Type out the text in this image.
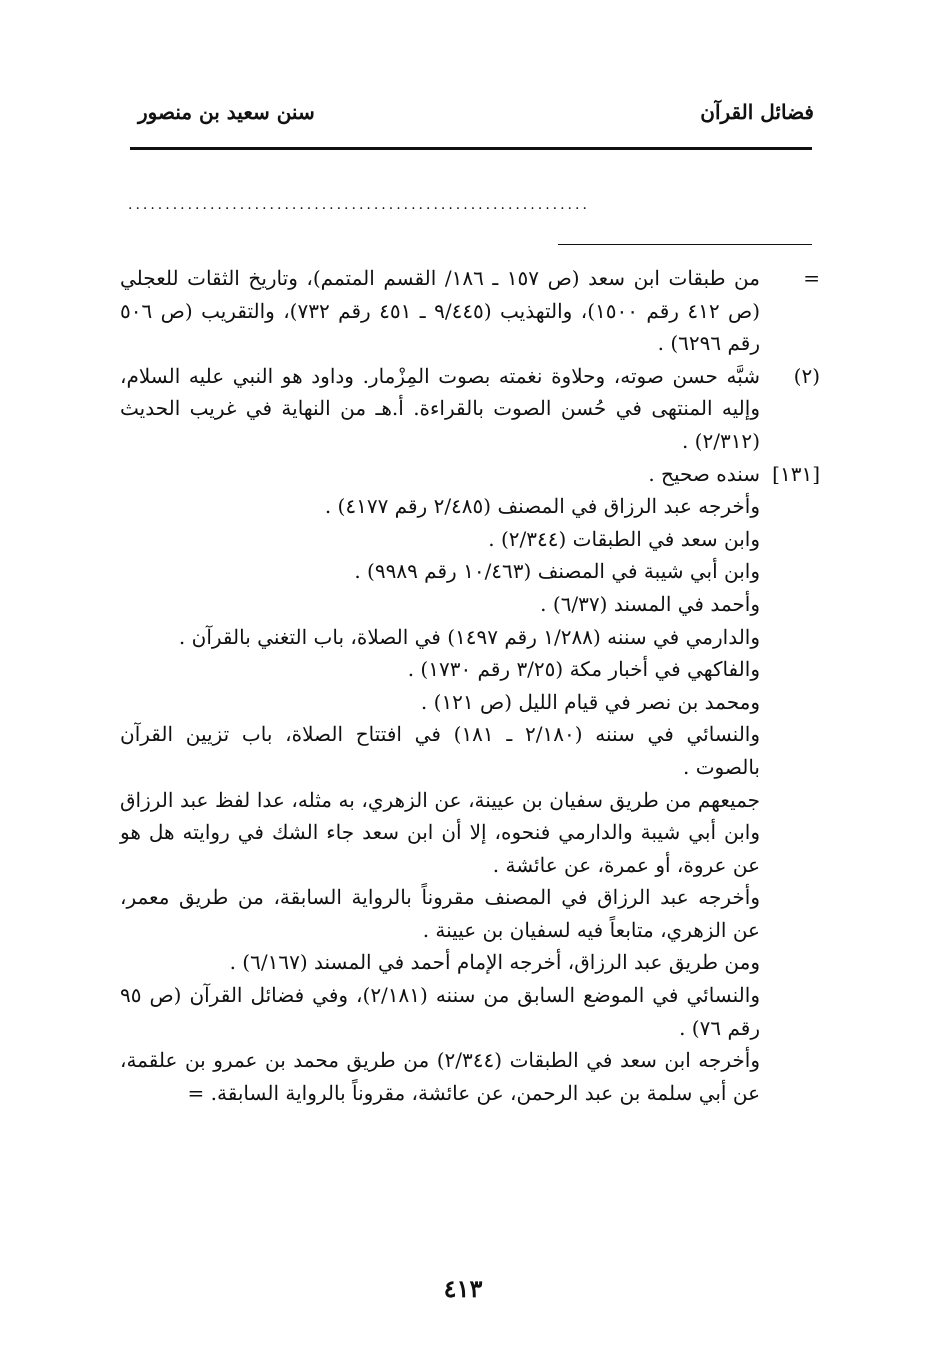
فضائل القرآن
سنن سعيد بن منصور
..............................................................
=
من طبقات ابن سعد (ص ١٥٧ ـ ١٨٦/ القسم المتمم)، وتاريخ الثقات للعجلي (ص ٤١٢ رقم ١٥٠٠)، والتهذيب (٩/٤٤٥ ـ ٤٥١ رقم ٧٣٢)، والتقريب (ص ٥٠٦ رقم ٦٢٩٦) .
(٢)
شبَّه حسن صوته، وحلاوة نغمته بصوت المِزْمار. وداود هو النبي عليه السلام، وإليه المنتهى في حُسن الصوت بالقراءة. أ.هـ من النهاية في غريب الحديث (٢/٣١٢) .
[١٣١]
سنده صحيح .
وأخرجه عبد الرزاق في المصنف (٢/٤٨٥ رقم ٤١٧٧) .
وابن سعد في الطبقات (٢/٣٤٤) .
وابن أبي شيبة في المصنف (١٠/٤٦٣ رقم ٩٩٨٩) .
وأحمد في المسند (٦/٣٧) .
والدارمي في سننه (١/٢٨٨ رقم ١٤٩٧) في الصلاة، باب التغني بالقرآن .
والفاكهي في أخبار مكة (٣/٢٥ رقم ١٧٣٠) .
ومحمد بن نصر في قيام الليل (ص ١٢١) .
والنسائي في سننه (٢/١٨٠ ـ ١٨١) في افتتاح الصلاة، باب تزيين القرآن بالصوت .
جميعهم من طريق سفيان بن عيينة، عن الزهري، به مثله، عدا لفظ عبد الرزاق وابن أبي شيبة والدارمي فنحوه، إلا أن ابن سعد جاء الشك في روايته هل هو عن عروة، أو عمرة، عن عائشة .
وأخرجه عبد الرزاق في المصنف مقروناً بالرواية السابقة، من طريق معمر، عن الزهري، متابعاً فيه لسفيان بن عيينة .
ومن طريق عبد الرزاق، أخرجه الإمام أحمد في المسند (٦/١٦٧) .
والنسائي في الموضع السابق من سننه (٢/١٨١)، وفي فضائل القرآن (ص ٩٥ رقم ٧٦) .
وأخرجه ابن سعد في الطبقات (٢/٣٤٤) من طريق محمد بن عمرو بن علقمة، عن أبي سلمة بن عبد الرحمن، عن عائشة، مقروناً بالرواية السابقة. =
٤١٣
